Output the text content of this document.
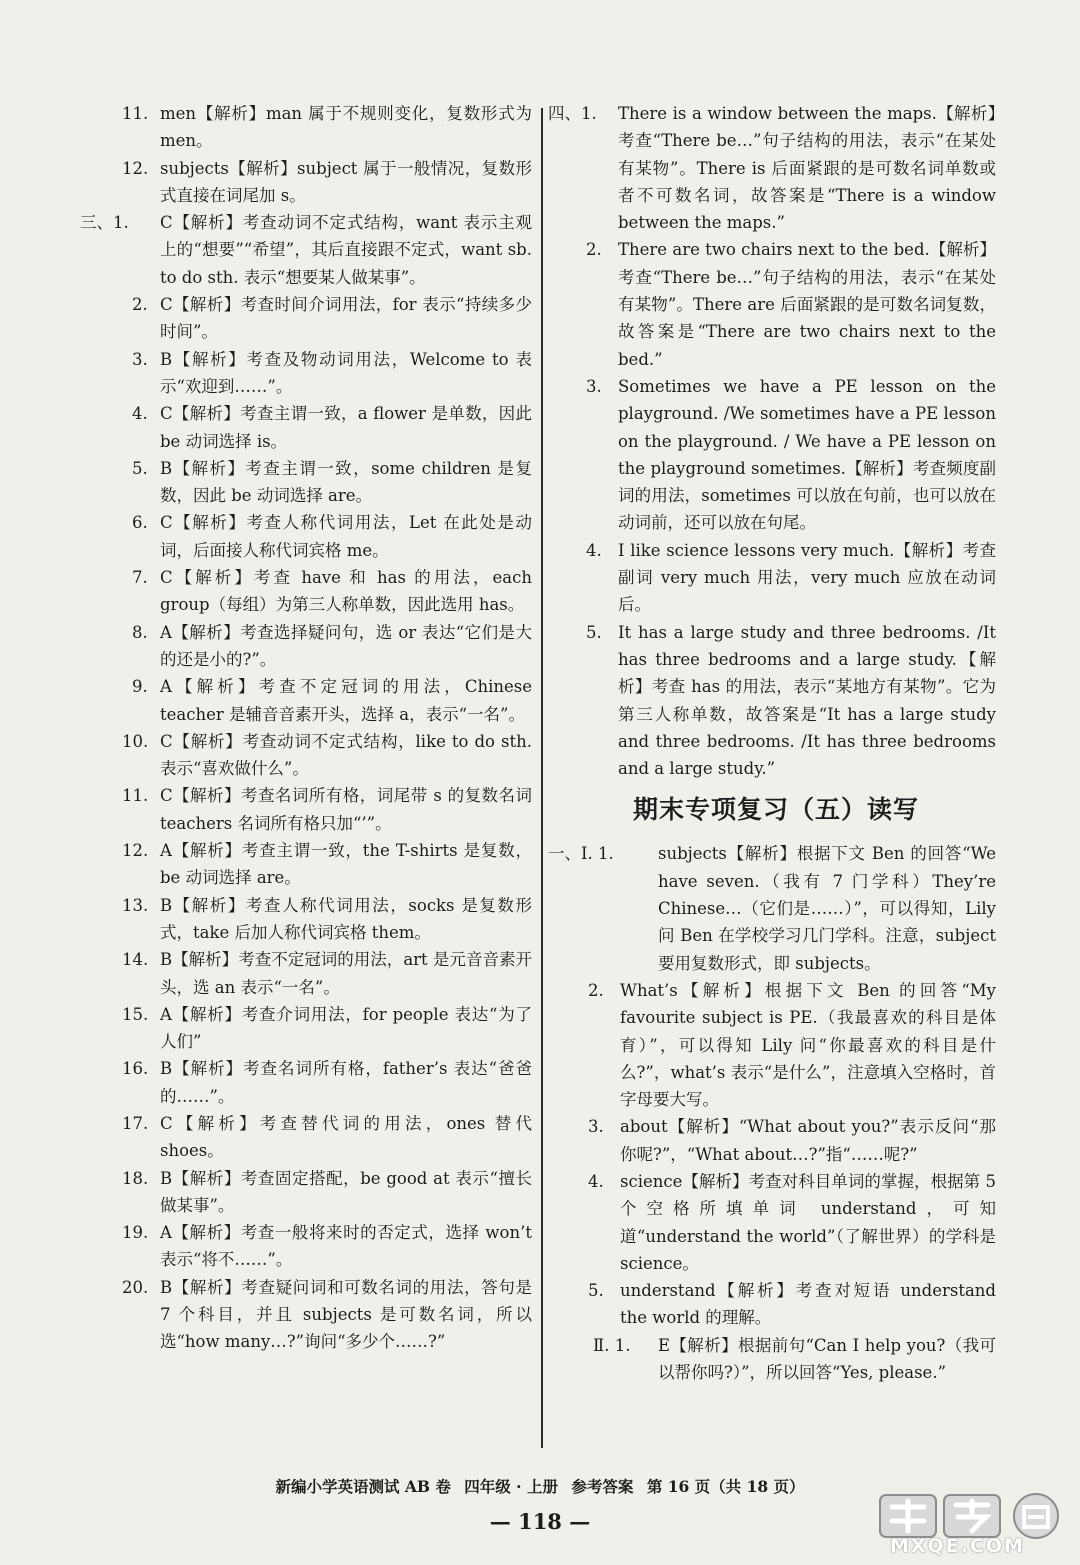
11. men【解析】man 属于不规则变化，复数形式为 men。
12. subjects【解析】subject 属于一般情况，复数形式直接在词尾加 s。
三、1. C【解析】考查动词不定式结构，want 表示主观上的“想要”“希望”，其后直接跟不定式，want sb. to do sth. 表示“想要某人做某事”。
2. C【解析】考查时间介词用法，for 表示“持续多少时间”。
3. B【解析】考查及物动词用法，Welcome to 表示“欢迎到……”。
4. C【解析】考查主谓一致，a flower 是单数，因此 be 动词选择 is。
5. B【解析】考查主谓一致，some children 是复数，因此 be 动词选择 are。
6. C【解析】考查人称代词用法，Let 在此处是动词，后面接人称代词宾格 me。
7. C【解析】考查 have 和 has 的用法，each group（每组）为第三人称单数，因此选用 has。
8. A【解析】考查选择疑问句，选 or 表达“它们是大的还是小的?”。
9. A【解析】考查不定冠词的用法，Chinese teacher 是辅音音素开头，选择 a，表示“一名”。
10. C【解析】考查动词不定式结构，like to do sth. 表示“喜欢做什么”。
11. C【解析】考查名词所有格，词尾带 s 的复数名词 teachers 名词所有格只加“’”。
12. A【解析】考查主谓一致，the T-shirts 是复数，be 动词选择 are。
13. B【解析】考查人称代词用法，socks 是复数形式，take 后加人称代词宾格 them。
14. B【解析】考查不定冠词的用法，art 是元音音素开头，选 an 表示“一名”。
15. A【解析】考查介词用法，for people 表达“为了人们”
16. B【解析】考查名词所有格，father’s 表达“爸爸的……”。
17. C【解析】考查替代词的用法，ones 替代 shoes。
18. B【解析】考查固定搭配，be good at 表示“擅长做某事”。
19. A【解析】考查一般将来时的否定式，选择 won’t 表示“将不……”。
20. B【解析】考查疑问词和可数名词的用法，答句是 7 个科目，并且 subjects 是可数名词，所以选“how many…?”询问“多少个……?”
四、1. There is a window between the maps.【解析】考查“There be…”句子结构的用法，表示“在某处有某物”。There is 后面紧跟的是可数名词单数或者不可数名词，故答案是“There is a window between the maps.”
2. There are two chairs next to the bed.【解析】考查“There be…”句子结构的用法，表示“在某处有某物”。There are 后面紧跟的是可数名词复数，故答案是“There are two chairs next to the bed.”
3. Sometimes we have a PE lesson on the playground. /We sometimes have a PE lesson on the playground. / We have a PE lesson on the playground sometimes.【解析】考查频度副词的用法，sometimes 可以放在句前，也可以放在动词前，还可以放在句尾。
4. I like science lessons very much.【解析】考查副词 very much 用法，very much 应放在动词后。
5. It has a large study and three bedrooms. /It has three bedrooms and a large study.【解析】考查 has 的用法，表示“某地方有某物”。它为第三人称单数，故答案是“It has a large study and three bedrooms. /It has three bedrooms and a large study.”
期末专项复习（五）读写
一、Ⅰ. 1.	subjects【解析】根据下文 Ben 的回答“We have seven.（我有 7 门学科）They’re Chinese…（它们是……）”，可以得知，Lily 问 Ben 在学校学习几门学科。注意，subject 要用复数形式，即 subjects。
2. What’s【解析】根据下文 Ben 的回答“My favourite subject is PE.（我最喜欢的科目是体育）”，可以得知 Lily 问“你最喜欢的科目是什么?”，what’s 表示“是什么”，注意填入空格时，首字母要大写。
3. about【解析】“What about you?”表示反问“那你呢?”，“What about…?”指“……呢?”
4. science【解析】考查对科目单词的掌握，根据第 5 个空格所填单词 understand，可知道“understand the world”（了解世界）的学科是 science。
5. understand【解析】考查对短语 understand the world 的理解。
Ⅱ. 1. E【解析】根据前句“Can I help you?（我可以帮你吗?）”，所以回答“Yes, please.”
新编小学英语测试 AB 卷 四年级 · 上册 参考答案 第 16 页（共 18 页）
— 118 —
MXQE.COM
